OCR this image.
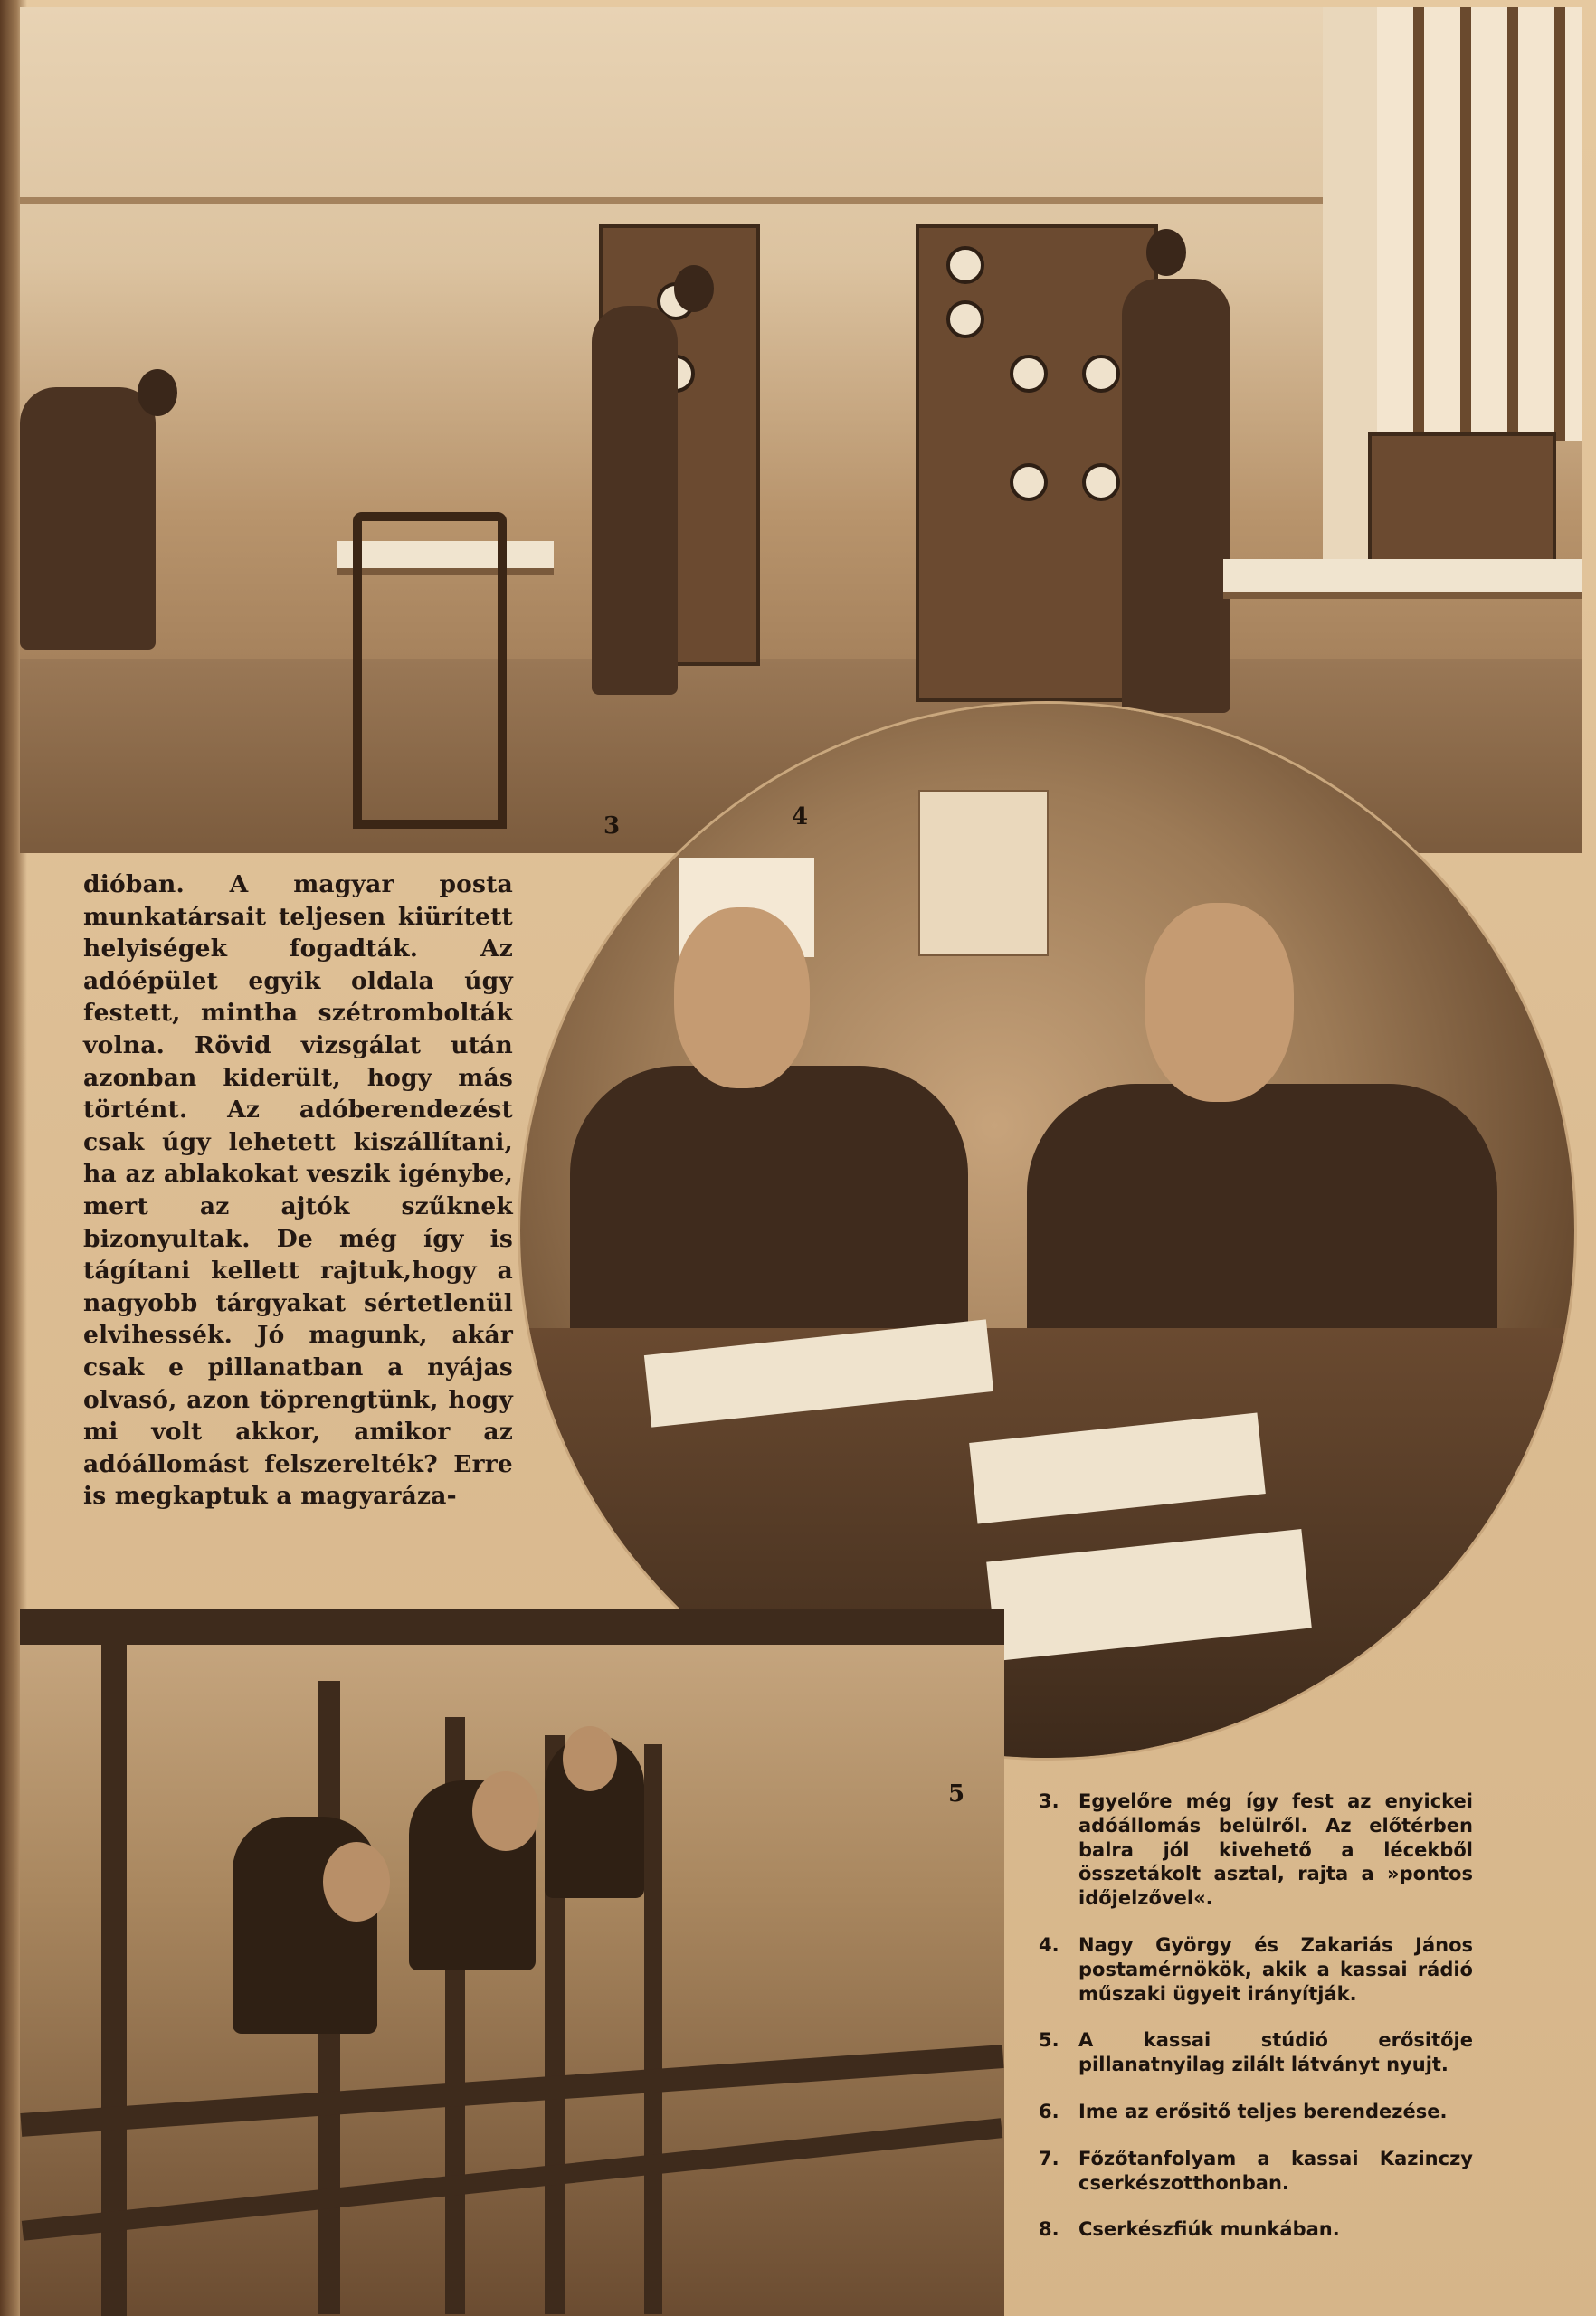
3

dióban. A magyar posta munkatársait teljesen kiürített helyiségek fogadták. Az adóépület egyik oldala úgy festett, mintha szétrombolták volna. Rövid vizsgálat után azonban kiderült, hogy más történt. Az adóberendezést csak úgy lehetett kiszállítani, ha az ablakokat veszik igénybe, mert az ajtók szűknek bizonyultak. De még így is tágítani kellett rajtuk,hogy a nagyobb tárgyakat sértetlenül elvihessék. Jó magunk, akár csak e pillanatban a nyájas olvasó, azon töprengtünk, hogy mi volt akkor, amikor az adóállomást felszerelték? Erre is megkaptuk a magyaráza-

4
5	3.	Egyelőre még így fest az enyickei adóállomás belülről. Az előtérben balra jól kivehető a lécekből összetákolt asztal, rajta a »pontos időjelzővel«.
4.	Nagy György és Zakariás János postamérnökök, akik a kassai rádió műszaki ügyeit irányítják.
5.	A kassai stúdió erősitője pillanatnyilag zilált látványt nyujt.
6.	Ime az erősitő teljes berendezése.
7.	Főzőtanfolyam a kassai Kazinczy cserkészotthonban.
8.	Cserkészfiúk munkában.
